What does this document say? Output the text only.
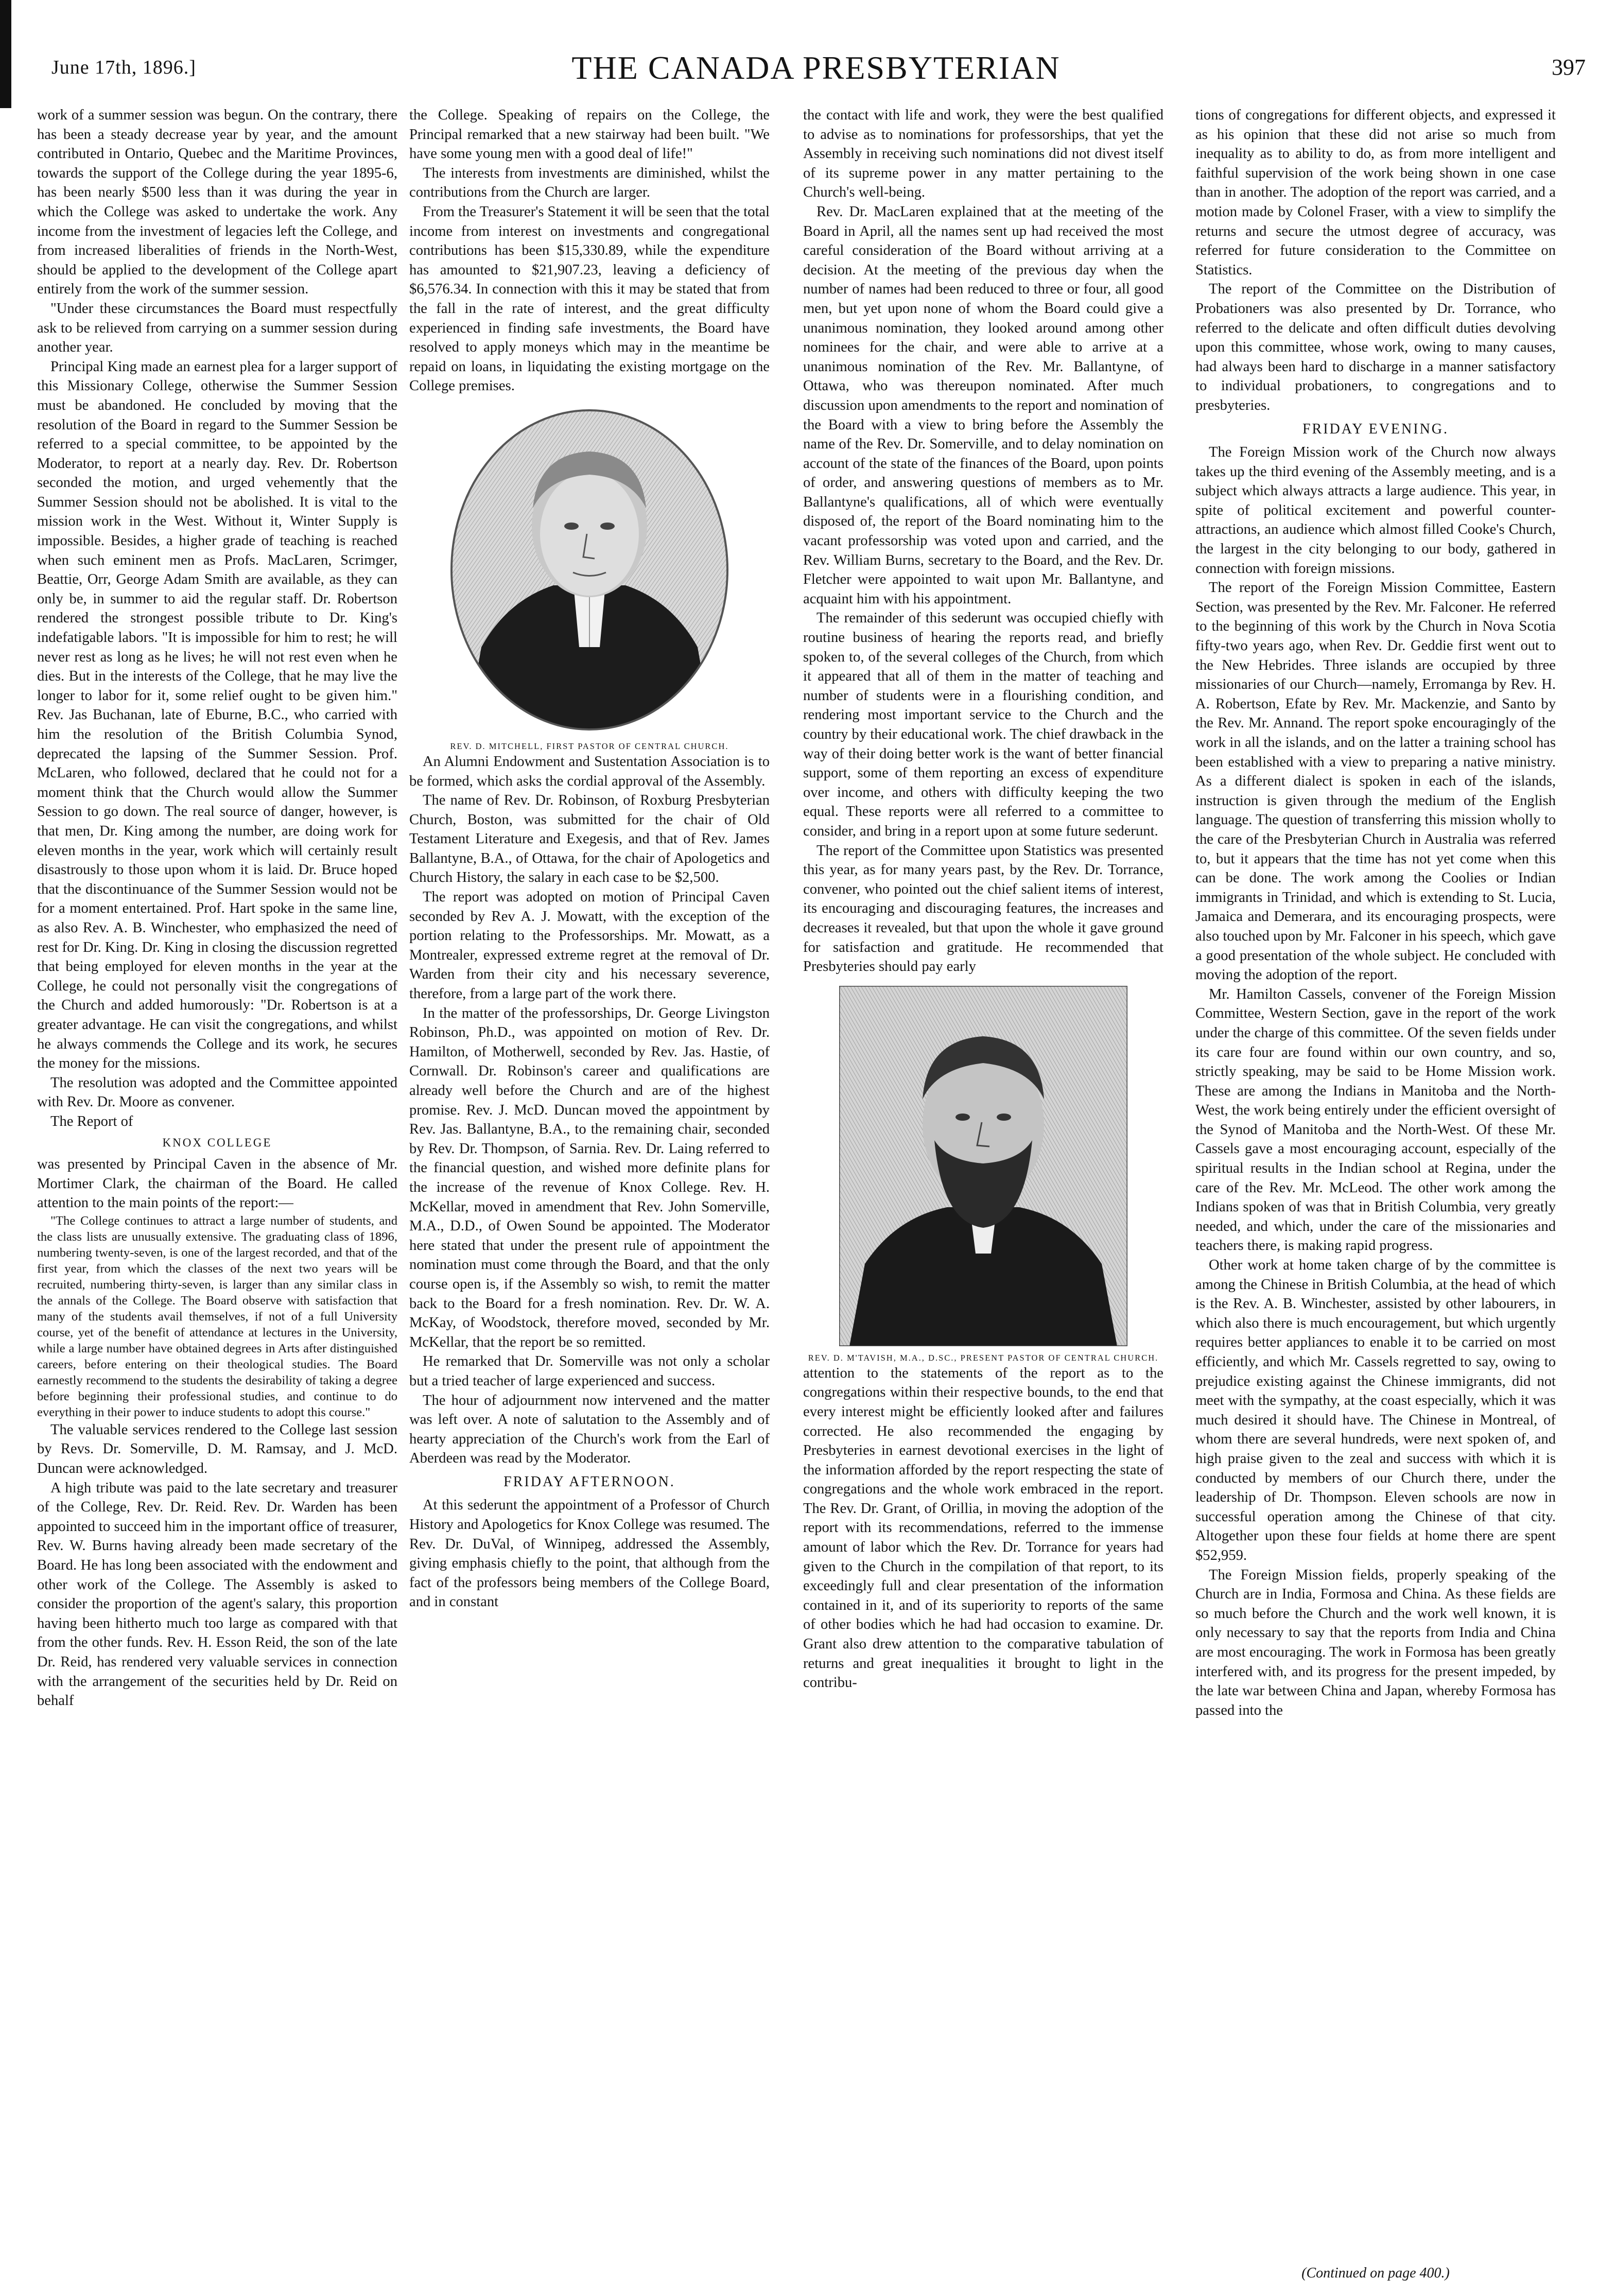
June 17th, 1896.]	THE CANADA PRESBYTERIAN	397

work of a summer session was begun. On the contrary, there has been a steady decrease year by year, and the amount contributed in Ontario, Quebec and the Maritime Provinces, towards the support of the College during the year 1895-6, has been nearly $500 less than it was during the year in which the College was asked to undertake the work. Any income from the investment of legacies left the College, and from increased liberalities of friends in the North-West, should be applied to the development of the College apart entirely from the work of the summer session.

"Under these circumstances the Board must respectfully ask to be relieved from carrying on a summer session during another year.

Principal King made an earnest plea for a larger support of this Missionary College, otherwise the Summer Session must be abandoned. He concluded by moving that the resolution of the Board in regard to the Summer Session be referred to a special committee, to be appointed by the Moderator, to report at a nearly day. Rev. Dr. Robertson seconded the motion, and urged vehemently that the Summer Session should not be abolished. It is vital to the mission work in the West. Without it, Winter Supply is impossible. Besides, a higher grade of teaching is reached when such eminent men as Profs. MacLaren, Scrimger, Beattie, Orr, George Adam Smith are available, as they can only be, in summer to aid the regular staff. Dr. Robertson rendered the strongest possible tribute to Dr. King's indefatigable labors. "It is impossible for him to rest; he will never rest as long as he lives; he will not rest even when he dies. But in the interests of the College, that he may live the longer to labor for it, some relief ought to be given him." Rev. Jas Buchanan, late of Eburne, B.C., who carried with him the resolution of the British Columbia Synod, deprecated the lapsing of the Summer Session. Prof. McLaren, who followed, declared that he could not for a moment think that the Church would allow the Summer Session to go down. The real source of danger, however, is that men, Dr. King among the number, are doing work for eleven months in the year, work which will certainly result disastrously to those upon whom it is laid. Dr. Bruce hoped that the discontinuance of the Summer Session would not be for a moment entertained. Prof. Hart spoke in the same line, as also Rev. A. B. Winchester, who emphasized the need of rest for Dr. King. Dr. King in closing the discussion regretted that being employed for eleven months in the year at the College, he could not personally visit the congregations of the Church and added humorously: "Dr. Robertson is at a greater advantage. He can visit the congregations, and whilst he always commends the College and its work, he secures the money for the missions.

The resolution was adopted and the Committee appointed with Rev. Dr. Moore as convener.

The Report of

KNOX COLLEGE

was presented by Principal Caven in the absence of Mr. Mortimer Clark, the chairman of the Board. He called attention to the main points of the report:—

"The College continues to attract a large number of students, and the class lists are unusually extensive. The graduating class of 1896, numbering twenty-seven, is one of the largest recorded, and that of the first year, from which the classes of the next two years will be recruited, numbering thirty-seven, is larger than any similar class in the annals of the College. The Board observe with satisfaction that many of the students avail themselves, if not of a full University course, yet of the benefit of attendance at lectures in the University, while a large number have obtained degrees in Arts after distinguished careers, before entering on their theological studies. The Board earnestly recommend to the students the desirability of taking a degree before beginning their professional studies, and continue to do everything in their power to induce students to adopt this course."

The valuable services rendered to the College last session by Revs. Dr. Somerville, D. M. Ramsay, and J. McD. Duncan were acknowledged.

A high tribute was paid to the late secretary and treasurer of the College, Rev. Dr. Reid. Rev. Dr. Warden has been appointed to succeed him in the important office of treasurer, Rev. W. Burns having already been made secretary of the Board. He has long been associated with the endowment and other work of the College. The Assembly is asked to consider the proportion of the agent's salary, this proportion having been hitherto much too large as compared with that from the other funds. Rev. H. Esson Reid, the son of the late Dr. Reid, has rendered very valuable services in connection with the arrangement of the securities held by Dr. Reid on behalf

the College. Speaking of repairs on the College, the Principal remarked that a new stairway had been built. "We have some young men with a good deal of life!"

The interests from investments are diminished, whilst the contributions from the Church are larger.

From the Treasurer's Statement it will be seen that the total income from interest on investments and congregational contributions has been $15,330.89, while the expenditure has amounted to $21,907.23, leaving a deficiency of $6,576.34. In connection with this it may be stated that from the fall in the rate of interest, and the great difficulty experienced in finding safe investments, the Board have resolved to apply moneys which may in the meantime be repaid on loans, in liquidating the existing mortgage on the College premises.

REV. D. MITCHELL, FIRST PASTOR OF CENTRAL CHURCH.

An Alumni Endowment and Sustentation Association is to be formed, which asks the cordial approval of the Assembly.

The name of Rev. Dr. Robinson, of Roxburg Presbyterian Church, Boston, was submitted for the chair of Old Testament Literature and Exegesis, and that of Rev. James Ballantyne, B.A., of Ottawa, for the chair of Apologetics and Church History, the salary in each case to be $2,500.

The report was adopted on motion of Principal Caven seconded by Rev A. J. Mowatt, with the exception of the portion relating to the Professorships. Mr. Mowatt, as a Montrealer, expressed extreme regret at the removal of Dr. Warden from their city and his necessary severence, therefore, from a large part of the work there.

In the matter of the professorships, Dr. George Livingston Robinson, Ph.D., was appointed on motion of Rev. Dr. Hamilton, of Motherwell, seconded by Rev. Jas. Hastie, of Cornwall. Dr. Robinson's career and qualifications are already well before the Church and are of the highest promise. Rev. J. McD. Duncan moved the appointment by Rev. Jas. Ballantyne, B.A., to the remaining chair, seconded by Rev. Dr. Thompson, of Sarnia. Rev. Dr. Laing referred to the financial question, and wished more definite plans for the increase of the revenue of Knox College. Rev. H. McKellar, moved in amendment that Rev. John Somerville, M.A., D.D., of Owen Sound be appointed. The Moderator here stated that under the present rule of appointment the nomination must come through the Board, and that the only course open is, if the Assembly so wish, to remit the matter back to the Board for a fresh nomination. Rev. Dr. W. A. McKay, of Woodstock, therefore moved, seconded by Mr. McKellar, that the report be so remitted.

He remarked that Dr. Somerville was not only a scholar but a tried teacher of large experienced and success.

The hour of adjournment now intervened and the matter was left over. A note of salutation to the Assembly and of hearty appreciation of the Church's work from the Earl of Aberdeen was read by the Moderator.

FRIDAY AFTERNOON.

At this sederunt the appointment of a Professor of Church History and Apologetics for Knox College was resumed. The Rev. Dr. DuVal, of Winnipeg, addressed the Assembly, giving emphasis chiefly to the point, that although from the fact of the professors being members of the College Board, and in constant

the contact with life and work, they were the best qualified to advise as to nominations for professorships, that yet the Assembly in receiving such nominations did not divest itself of its supreme power in any matter pertaining to the Church's well-being.

Rev. Dr. MacLaren explained that at the meeting of the Board in April, all the names sent up had received the most careful consideration of the Board without arriving at a decision. At the meeting of the previous day when the number of names had been reduced to three or four, all good men, but yet upon none of whom the Board could give a unanimous nomination, they looked around among other nominees for the chair, and were able to arrive at a unanimous nomination of the Rev. Mr. Ballantyne, of Ottawa, who was thereupon nominated. After much discussion upon amendments to the report and nomination of the Board with a view to bring before the Assembly the name of the Rev. Dr. Somerville, and to delay nomination on account of the state of the finances of the Board, upon points of order, and answering questions of members as to Mr. Ballantyne's qualifications, all of which were eventually disposed of, the report of the Board nominating him to the vacant professorship was voted upon and carried, and the Rev. William Burns, secretary to the Board, and the Rev. Dr. Fletcher were appointed to wait upon Mr. Ballantyne, and acquaint him with his appointment.

The remainder of this sederunt was occupied chiefly with routine business of hearing the reports read, and briefly spoken to, of the several colleges of the Church, from which it appeared that all of them in the matter of teaching and number of students were in a flourishing condition, and rendering most important service to the Church and the country by their educational work. The chief drawback in the way of their doing better work is the want of better financial support, some of them reporting an excess of expenditure over income, and others with difficulty keeping the two equal. These reports were all referred to a committee to consider, and bring in a report upon at some future sederunt.

The report of the Committee upon Statistics was presented this year, as for many years past, by the Rev. Dr. Torrance, convener, who pointed out the chief salient items of interest, its encouraging and discouraging features, the increases and decreases it revealed, but that upon the whole it gave ground for satisfaction and gratitude. He recommended that Presbyteries should pay early

REV. D. M'TAVISH, M.A., D.SC., PRESENT PASTOR OF CENTRAL CHURCH.

attention to the statements of the report as to the congregations within their respective bounds, to the end that every interest might be efficiently looked after and failures corrected. He also recommended the engaging by Presbyteries in earnest devotional exercises in the light of the information afforded by the report respecting the state of congregations and the whole work embraced in the report. The Rev. Dr. Grant, of Orillia, in moving the adoption of the report with its recommendations, referred to the immense amount of labor which the Rev. Dr. Torrance for years had given to the Church in the compilation of that report, to its exceedingly full and clear presentation of the information contained in it, and of its superiority to reports of the same of other bodies which he had had occasion to examine. Dr. Grant also drew attention to the comparative tabulation of returns and great inequalities it brought to light in the contribu-

tions of congregations for different objects, and expressed it as his opinion that these did not arise so much from inequality as to ability to do, as from more intelligent and faithful supervision of the work being shown in one case than in another. The adoption of the report was carried, and a motion made by Colonel Fraser, with a view to simplify the returns and secure the utmost degree of accuracy, was referred for future consideration to the Committee on Statistics.

The report of the Committee on the Distribution of Probationers was also presented by Dr. Torrance, who referred to the delicate and often difficult duties devolving upon this committee, whose work, owing to many causes, had always been hard to discharge in a manner satisfactory to individual probationers, to congregations and to presbyteries.

FRIDAY EVENING.

The Foreign Mission work of the Church now always takes up the third evening of the Assembly meeting, and is a subject which always attracts a large audience. This year, in spite of political excitement and powerful counter-attractions, an audience which almost filled Cooke's Church, the largest in the city belonging to our body, gathered in connection with foreign missions.

The report of the Foreign Mission Committee, Eastern Section, was presented by the Rev. Mr. Falconer. He referred to the beginning of this work by the Church in Nova Scotia fifty-two years ago, when Rev. Dr. Geddie first went out to the New Hebrides. Three islands are occupied by three missionaries of our Church—namely, Erromanga by Rev. H. A. Robertson, Efate by Rev. Mr. Mackenzie, and Santo by the Rev. Mr. Annand. The report spoke encouragingly of the work in all the islands, and on the latter a training school has been established with a view to preparing a native ministry. As a different dialect is spoken in each of the islands, instruction is given through the medium of the English language. The question of transferring this mission wholly to the care of the Presbyterian Church in Australia was referred to, but it appears that the time has not yet come when this can be done. The work among the Coolies or Indian immigrants in Trinidad, and which is extending to St. Lucia, Jamaica and Demerara, and its encouraging prospects, were also touched upon by Mr. Falconer in his speech, which gave a good presentation of the whole subject. He concluded with moving the adoption of the report.

Mr. Hamilton Cassels, convener of the Foreign Mission Committee, Western Section, gave in the report of the work under the charge of this committee. Of the seven fields under its care four are found within our own country, and so, strictly speaking, may be said to be Home Mission work. These are among the Indians in Manitoba and the North-West, the work being entirely under the efficient oversight of the Synod of Manitoba and the North-West. Of these Mr. Cassels gave a most encouraging account, especially of the spiritual results in the Indian school at Regina, under the care of the Rev. Mr. McLeod. The other work among the Indians spoken of was that in British Columbia, very greatly needed, and which, under the care of the missionaries and teachers there, is making rapid progress.

Other work at home taken charge of by the committee is among the Chinese in British Columbia, at the head of which is the Rev. A. B. Winchester, assisted by other labourers, in which also there is much encouragement, but which urgently requires better appliances to enable it to be carried on most efficiently, and which Mr. Cassels regretted to say, owing to prejudice existing against the Chinese immigrants, did not meet with the sympathy, at the coast especially, which it was much desired it should have. The Chinese in Montreal, of whom there are several hundreds, were next spoken of, and high praise given to the zeal and success with which it is conducted by members of our Church there, under the leadership of Dr. Thompson. Eleven schools are now in successful operation among the Chinese of that city. Altogether upon these four fields at home there are spent $52,959.

The Foreign Mission fields, properly speaking of the Church are in India, Formosa and China. As these fields are so much before the Church and the work well known, it is only necessary to say that the reports from India and China are most encouraging. The work in Formosa has been greatly interfered with, and its progress for the present impeded, by the late war between China and Japan, whereby Formosa has passed into the

(Continued on page 400.)
